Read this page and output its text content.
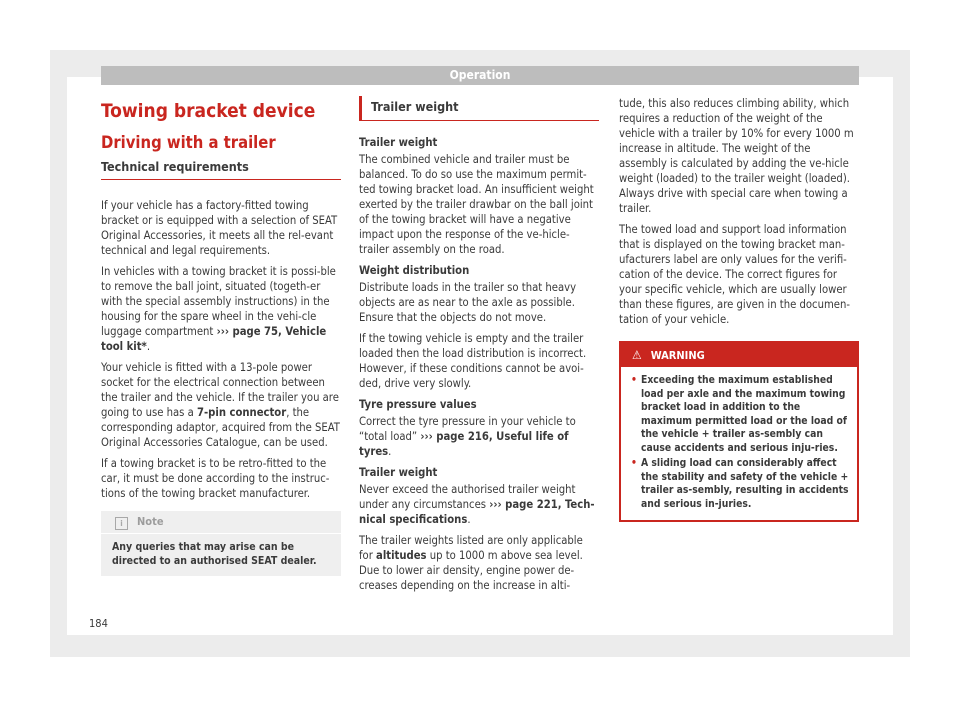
Operation
Towing bracket device
Driving with a trailer
Technical requirements

If your vehicle has a factory-fitted towing bracket or is equipped with a selection of SEAT Original Accessories, it meets all the rel-evant technical and legal requirements.

In vehicles with a towing bracket it is possi-ble to remove the ball joint, situated (togeth-er with the special assembly instructions) in the housing for the spare wheel in the vehi-cle luggage compartment ››› page 75, Vehicle tool kit*.

Your vehicle is fitted with a 13-pole power socket for the electrical connection between the trailer and the vehicle. If the trailer you are going to use has a 7-pin connector, the corresponding adaptor, acquired from the SEAT Original Accessories Catalogue, can be used.

If a towing bracket is to be retro-fitted to the car, it must be done according to the instruc-tions of the towing bracket manufacturer.

i Note
Any queries that may arise can be directed to an authorised SEAT dealer.
Trailer weight

Trailer weight

The combined vehicle and trailer must be balanced. To do so use the maximum permit-ted towing bracket load. An insufficient weight exerted by the trailer drawbar on the ball joint of the towing bracket will have a negative impact upon the response of the ve-hicle-trailer assembly on the road.

Weight distribution

Distribute loads in the trailer so that heavy objects are as near to the axle as possible. Ensure that the objects do not move.

If the towing vehicle is empty and the trailer loaded then the load distribution is incorrect. However, if these conditions cannot be avoi-ded, drive very slowly.

Tyre pressure values

Correct the tyre pressure in your vehicle to “total load” ››› page 216, Useful life of tyres.

Trailer weight

Never exceed the authorised trailer weight under any circumstances ››› page 221, Tech-nical specifications.

The trailer weights listed are only applicable for altitudes up to 1000 m above sea level. Due to lower air density, engine power de-creases depending on the increase in alti-

tude, this also reduces climbing ability, which requires a reduction of the weight of the vehicle with a trailer by 10% for every 1000 m increase in altitude. The weight of the assembly is calculated by adding the ve-hicle weight (loaded) to the trailer weight (loaded). Always drive with special care when towing a trailer.

The towed load and support load information that is displayed on the towing bracket man-ufacturers label are only values for the verifi-cation of the device. The correct figures for your specific vehicle, which are usually lower than these figures, are given in the documen-tation of your vehicle.

⚠ WARNING
• Exceeding the maximum established load per axle and the maximum towing bracket load in addition to the maximum permitted load or the load of the vehicle + trailer as-sembly can cause accidents and serious inju-ries.
• A sliding load can considerably affect the stability and safety of the vehicle + trailer as-sembly, resulting in accidents and serious in-juries.
184
